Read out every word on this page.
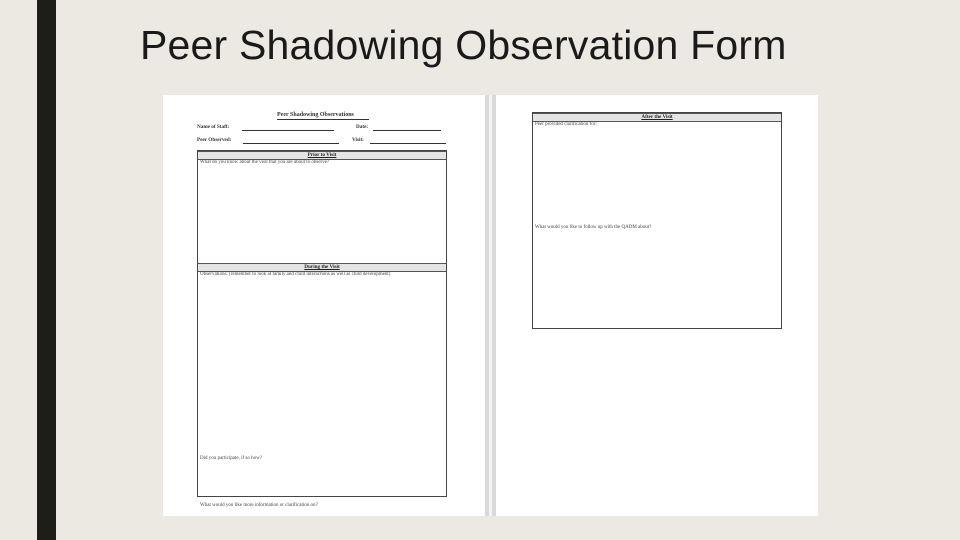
Peer Shadowing Observation Form
Peer Shadowing Observations
Name of Staff:	Date:
Peer Observed:	Visit:
Prior to Visit
What do you know about the visit that you are about to observe?
During the Visit
Observations: (remember to look at family and child interactions as well as child development)
Did you participate, if so how?
What would you like more information or clarification on?
After the Visit
Peer provided clarification for:
What would you like to follow up with the QADM about?
